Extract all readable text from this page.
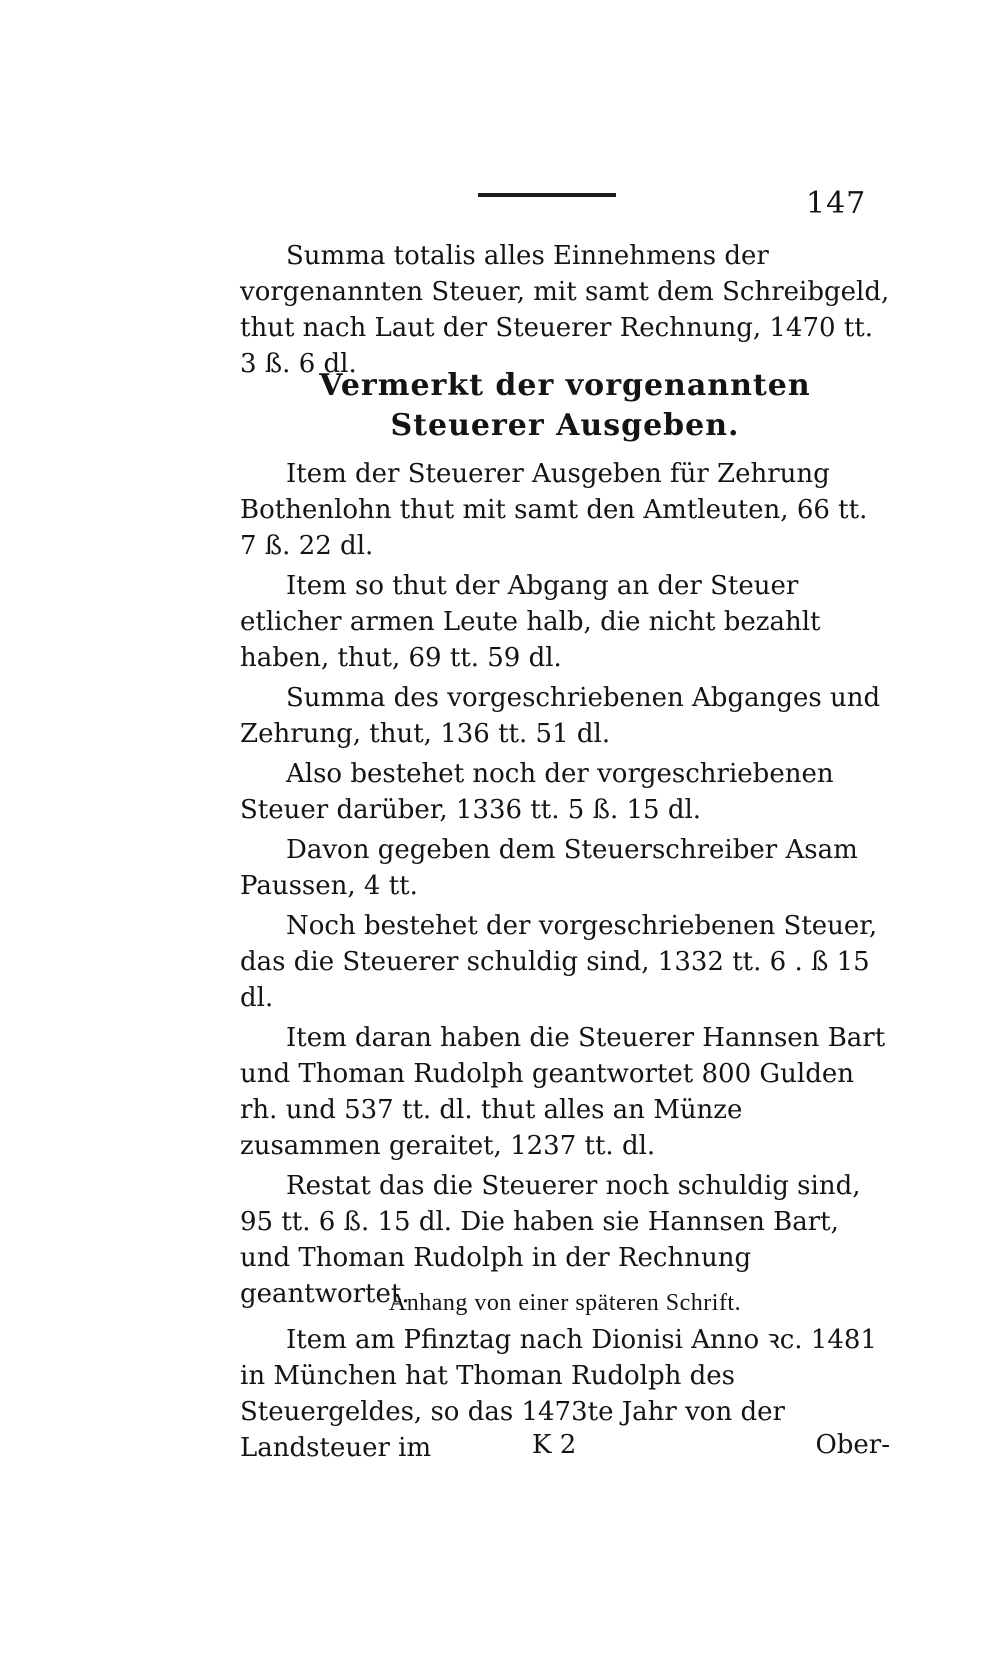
147

Summa totalis alles Einnehmens der vorgenannten Steuer, mit samt dem Schreibgeld, thut nach Laut der Steuerer Rechnung, 1470 tt. 3 ß. 6 dl.

Vermerkt der vorgenannten Steuerer Ausgeben.

Item der Steuerer Ausgeben für Zehrung Bothenlohn thut mit samt den Amtleuten, 66 tt. 7 ß. 22 dl.

Item so thut der Abgang an der Steuer etlicher armen Leute halb, die nicht bezahlt haben, thut, 69 tt. 59 dl.

Summa des vorgeschriebenen Abganges und Zehrung, thut, 136 tt. 51 dl.

Also bestehet noch der vorgeschriebenen Steuer darüber, 1336 tt. 5 ß. 15 dl.

Davon gegeben dem Steuerschreiber Asam Paussen, 4 tt.

Noch bestehet der vorgeschriebenen Steuer, das die Steuerer schuldig sind, 1332 tt. 6 . ß 15 dl.

Item daran haben die Steuerer Hannsen Bart und Thoman Rudolph geantwortet 800 Gulden rh. und 537 tt. dl. thut alles an Münze zusammen geraitet, 1237 tt. dl.

Restat das die Steuerer noch schuldig sind, 95 tt. 6 ß. 15 dl. Die haben sie Hannsen Bart, und Thoman Rudolph in der Rechnung geantwortet.

Anhang von einer späteren Schrift.

Item am Pfinztag nach Dionisi Anno ꝛc. 1481 in München hat Thoman Rudolph des Steuergeldes, so das 1473te Jahr von der Landsteuer im	K 2	Ober-
